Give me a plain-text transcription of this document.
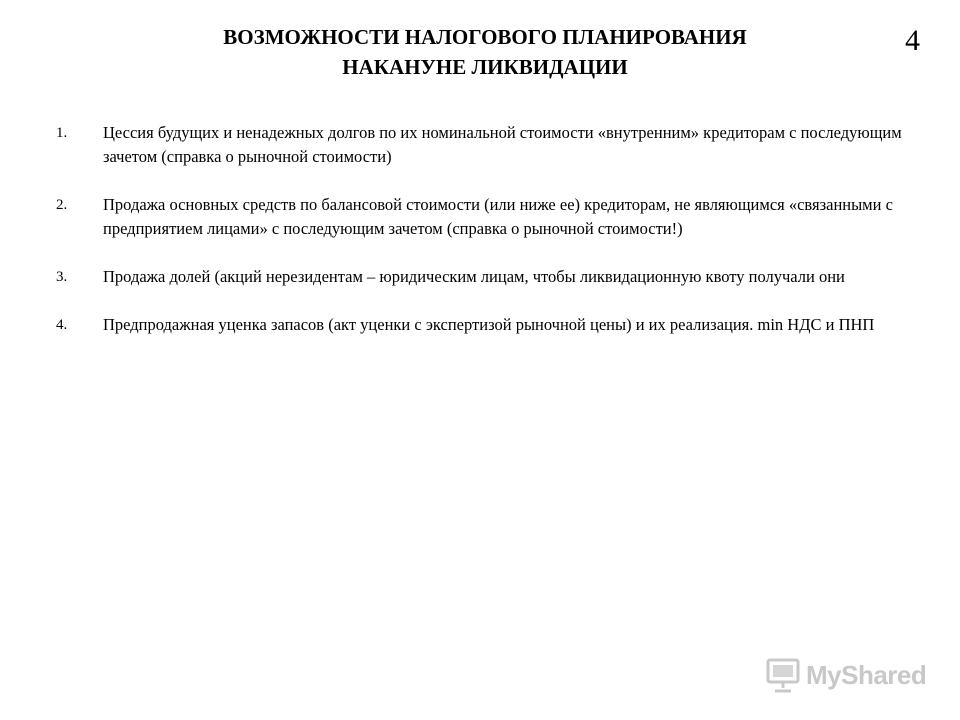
ВОЗМОЖНОСТИ НАЛОГОВОГО ПЛАНИРОВАНИЯ
НАКАНУНЕ ЛИКВИДАЦИИ
4
1. Цессия будущих и ненадежных долгов по их номинальной стоимости «внутренним» кредиторам с последующим зачетом (справка о рыночной стоимости)
2. Продажа основных средств по балансовой стоимости (или ниже ее) кредиторам, не являющимся «связанными с предприятием лицами» с последующим зачетом (справка о рыночной стоимости!)
3. Продажа долей (акций нерезидентам – юридическим лицам, чтобы ликвидационную квоту получали они
4. Предпродажная уценка запасов (акт уценки с экспертизой рыночной цены) и их реализация. min НДС и ПНП
MyShared
